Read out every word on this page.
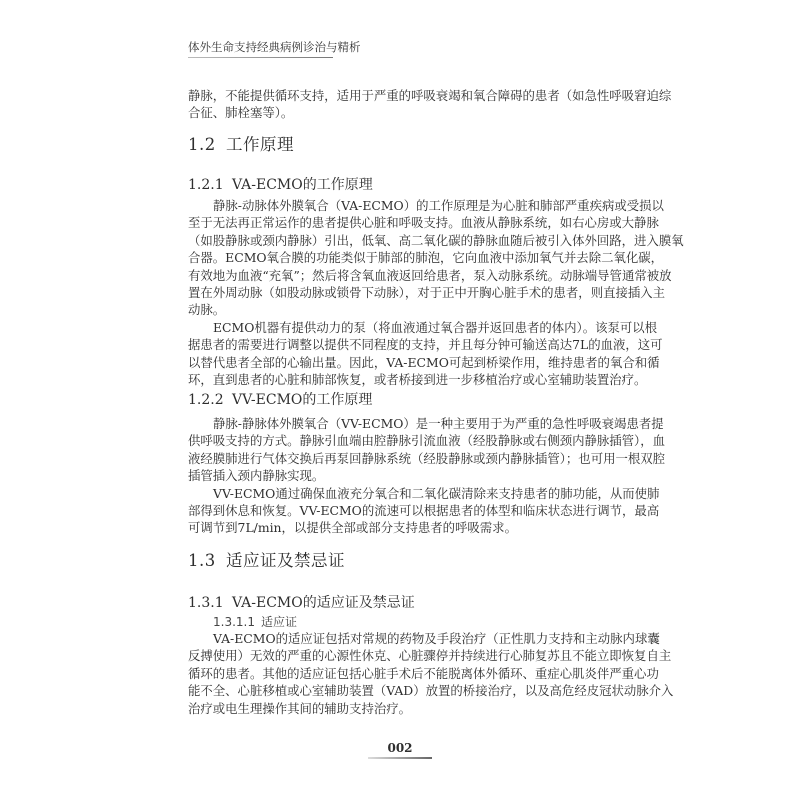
体外生命支持经典病例诊治与精析
静脉，不能提供循环支持，适用于严重的呼吸衰竭和氧合障碍的患者（如急性呼吸窘迫综
合征、肺栓塞等）。
1.2 工作原理
1.2.1 VA-ECMO的工作原理
静脉-动脉体外膜氧合（VA-ECMO）的工作原理是为心脏和肺部严重疾病或受损以
至于无法再正常运作的患者提供心脏和呼吸支持。血液从静脉系统，如右心房或大静脉
（如股静脉或颈内静脉）引出，低氧、高二氧化碳的静脉血随后被引入体外回路，进入膜氧
合器。ECMO氧合膜的功能类似于肺部的肺泡，它向血液中添加氧气并去除二氧化碳，
有效地为血液“充氧”；然后将含氧血液返回给患者，泵入动脉系统。动脉端导管通常被放
置在外周动脉（如股动脉或锁骨下动脉），对于正中开胸心脏手术的患者，则直接插入主
动脉。
ECMO机器有提供动力的泵（将血液通过氧合器并返回患者的体内）。该泵可以根
据患者的需要进行调整以提供不同程度的支持，并且每分钟可输送高达7L的血液，这可
以替代患者全部的心输出量。因此，VA-ECMO可起到桥梁作用，维持患者的氧合和循
环，直到患者的心脏和肺部恢复，或者桥接到进一步移植治疗或心室辅助装置治疗。
1.2.2 VV-ECMO的工作原理
静脉-静脉体外膜氧合（VV-ECMO）是一种主要用于为严重的急性呼吸衰竭患者提
供呼吸支持的方式。静脉引血端由腔静脉引流血液（经股静脉或右侧颈内静脉插管），血
液经膜肺进行气体交换后再泵回静脉系统（经股静脉或颈内静脉插管）；也可用一根双腔
插管插入颈内静脉实现。
VV-ECMO通过确保血液充分氧合和二氧化碳清除来支持患者的肺功能，从而使肺
部得到休息和恢复。VV-ECMO的流速可以根据患者的体型和临床状态进行调节，最高
可调节到7L/min，以提供全部或部分支持患者的呼吸需求。
1.3 适应证及禁忌证
1.3.1 VA-ECMO的适应证及禁忌证
1.3.1.1 适应证
VA-ECMO的适应证包括对常规的药物及手段治疗（正性肌力支持和主动脉内球囊
反搏使用）无效的严重的心源性休克、心脏骤停并持续进行心肺复苏且不能立即恢复自主
循环的患者。其他的适应证包括心脏手术后不能脱离体外循环、重症心肌炎伴严重心功
能不全、心脏移植或心室辅助装置（VAD）放置的桥接治疗，以及高危经皮冠状动脉介入
治疗或电生理操作其间的辅助支持治疗。
002
